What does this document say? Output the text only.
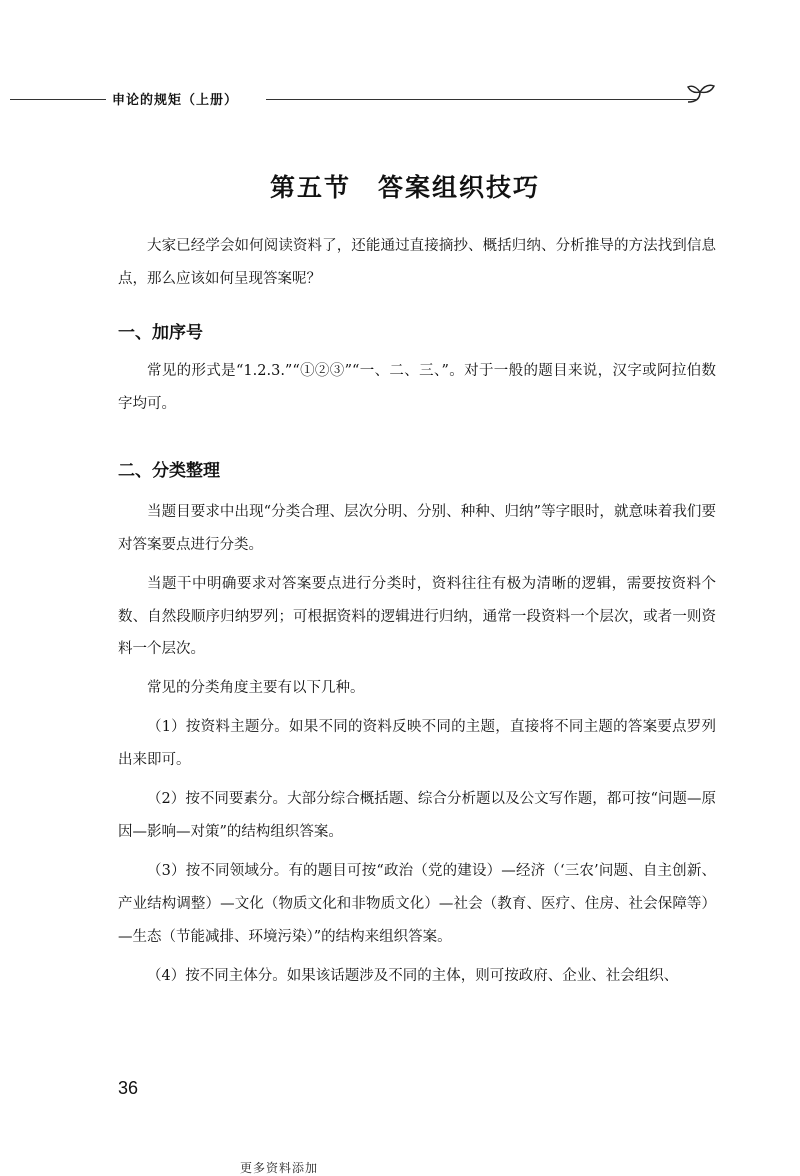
申论的规矩（上册）
第五节　答案组织技巧

大家已经学会如何阅读资料了，还能通过直接摘抄、概括归纳、分析推导的方法找到信息点，那么应该如何呈现答案呢？

一、加序号

常见的形式是“1.2.3.”“①②③”“一、二、三、”。对于一般的题目来说，汉字或阿拉伯数字均可。

二、分类整理

当题目要求中出现“分类合理、层次分明、分别、种种、归纳”等字眼时，就意味着我们要对答案要点进行分类。

当题干中明确要求对答案要点进行分类时，资料往往有极为清晰的逻辑，需要按资料个数、自然段顺序归纳罗列；可根据资料的逻辑进行归纳，通常一段资料一个层次，或者一则资料一个层次。

常见的分类角度主要有以下几种。

（1）按资料主题分。如果不同的资料反映不同的主题，直接将不同主题的答案要点罗列出来即可。

（2）按不同要素分。大部分综合概括题、综合分析题以及公文写作题，都可按“问题—原因—影响—对策”的结构组织答案。

（3）按不同领域分。有的题目可按“政治（党的建设）—经济（‘三农’问题、自主创新、产业结构调整）—文化（物质文化和非物质文化）—社会（教育、医疗、住房、社会保障等）—生态（节能减排、环境污染）”的结构来组织答案。

（4）按不同主体分。如果该话题涉及不同的主体，则可按政府、企业、社会组织、

36
更多资料添加
